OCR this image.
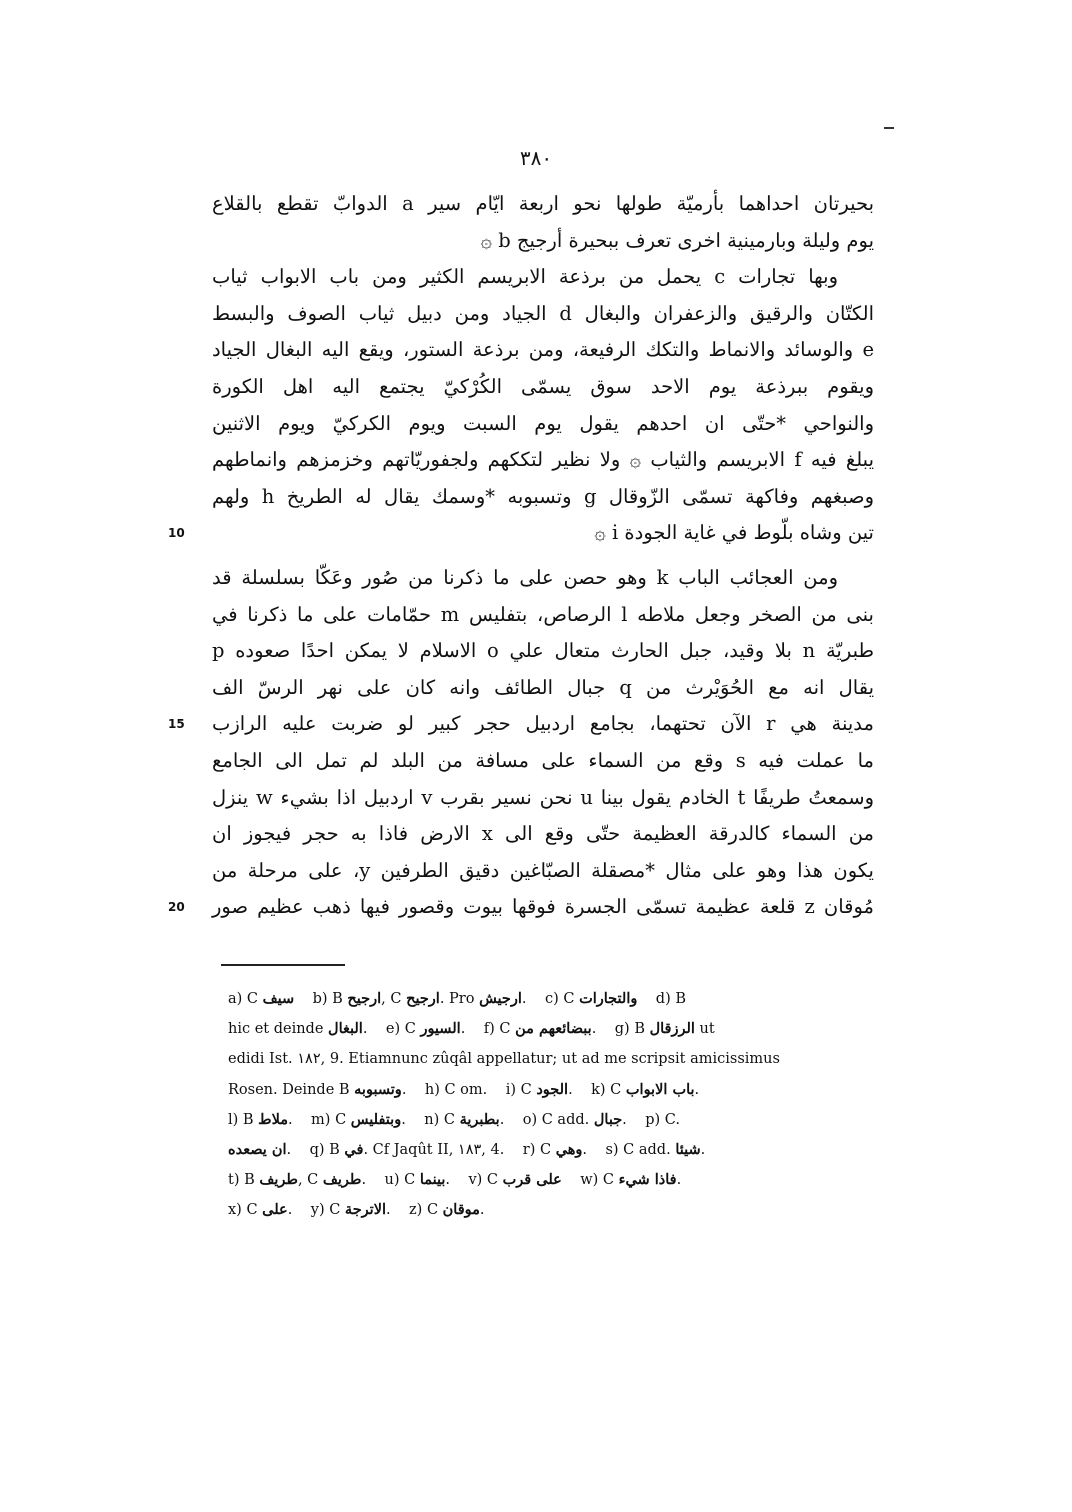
٣٨٠
بحيرتان احداهما بأرميّة طولها نحو اربعة ايّام سير a الدوابّ تقطع بالقلاع
يوم وليلة وبارمينية اخرى تعرف ببحيرة أرجيج b ۞
وبها تجارات c يحمل من برذعة الابريسم الكثير ومن باب الابواب ثياب
الكتّان والرقيق والزعفران والبغال d الجياد ومن دبيل ثياب الصوف والبسط
e والوسائد والانماط والتكك الرفيعة، ومن برذعة الستور، ويقع اليه البغال الجياد
ويقوم ببرذعة يوم الاحد سوق يسمّى الكُرْكيّ يجتمع اليه اهل الكورة
والنواحي *حتّى ان احدهم يقول يوم السبت ويوم الكركيّ ويوم الاثنين
يبلغ فيه f الابريسم والثياب ۞ ولا نظير لتككهم ولجفوريّاتهم وخزمزهم وانماطهم
وصبغهم وفاكهة تسمّى الزّوقال g وتسبوبه *وسمك يقال له الطريخ h ولهم
تين وشاه بلّوط في غاية الجودة i ۞
10
ومن العجائب الباب k وهو حصن على ما ذكرنا من صُور وعَكّا بسلسلة قد
بنى من الصخر وجعل ملاطه l الرصاص، بتفليس m حمّامات على ما ذكرنا في
طبريّة n بلا وقيد، جبل الحارث متعال علي o الاسلام لا يمكن احدًا صعوده p
يقال انه مع الحُوَيْرث من q جبال الطائف وانه كان على نهر الرسّ الف
مدينة هي r الآن تحتهما، بجامع اردبيل حجر كبير لو ضربت عليه الرازب
15
ما عملت فيه s وقع من السماء على مسافة من البلد لم تمل الى الجامع
وسمعتُ طريفًا t الخادم يقول بينا u نحن نسير بقرب v اردبيل اذا بشيء w ينزل
من السماء كالدرقة العظيمة حتّى وقع الى x الارض فاذا به حجر فيجوز ان
يكون هذا وهو على مثال *مصقلة الصبّاغين دقيق الطرفين y، على مرحلة من
مُوقان z قلعة عظيمة تسمّى الجسرة فوقها بيوت وقصور فيها ذهب عظيم صور
20
a) C سيف    b) B ارجيح, C ارجيح. Pro ارجيش.    c) C والتجارات    d) B
hic et deinde البغال.    e) C السيور.    f) C ببضائعهم من.    g) B الرزقال ut
edidi Ist. ١٨٢, 9. Etiamnunc zûqâl appellatur; ut ad me scripsit amicissimus
Rosen. Deinde B وتسبوبه.    h) C om.    i) C الجود.    k) C باب الابواب.
l) B ملاط.    m) C وبتفليس.    n) C بطبرية.    o) C add. جبال.    p) C.
ان يصعده.    q) B في. Cf Jaqût II, ١٨٣, 4.    r) C وهي.    s) C add. شيئا.
t) B طريف, C طريف.    u) C بينما.    v) C على قرب    w) C فاذا شيء.
x) C على.    y) C الاترجة.    z) C موقان.
